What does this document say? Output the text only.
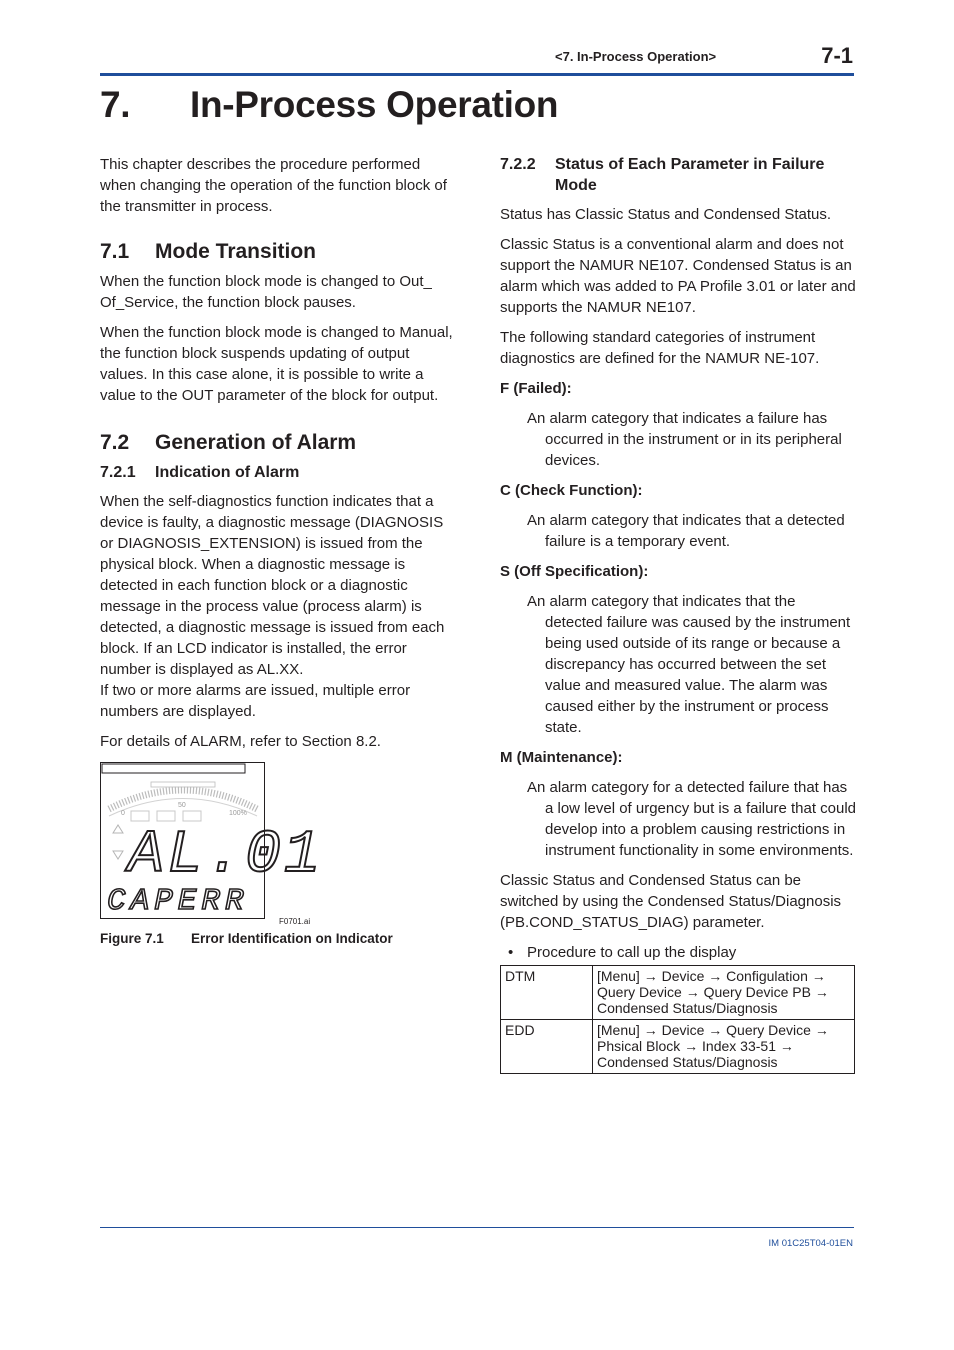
<7. In-Process Operation>	7-1
7. In-Process Operation

This chapter describes the procedure performed when changing the operation of the function block of the transmitter in process.

7.1 Mode Transition

When the function block mode is changed to Out_ Of_Service, the function block pauses.

When the function block mode is changed to Manual, the function block suspends updating of output values. In this case alone, it is possible to write a value to the OUT parameter of the block for output.

7.2 Generation of Alarm
7.2.1	Indication of Alarm

When the self-diagnostics function indicates that a device is faulty, a diagnostic message (DIAGNOSIS or DIAGNOSIS_EXTENSION) is issued from the physical block. When a diagnostic message is detected in each function block or a diagnostic message in the process value (process alarm) is detected, a diagnostic message is issued from each block. If an LCD indicator is installed, the error number is displayed as AL.XX.

If two or more alarms are issued, multiple error numbers are displayed.

For details of ALARM, refer to Section 8.2.

0
50
100%
AL.01
CAPERR
F0701.ai
Figure 7.1 Error Identification on Indicator
7.2.2	Status of Each Parameter in Failure Mode

Status has Classic Status and Condensed Status.

Classic Status is a conventional alarm and does not support the NAMUR NE107. Condensed Status is an alarm which was added to PA Profile 3.01 or later and supports the NAMUR NE107.

The following standard categories of instrument diagnostics are defined for the NAMUR NE-107.

F (Failed):

An alarm category that indicates a failure has occurred in the instrument or in its peripheral devices.

C (Check Function):

An alarm category that indicates that a detected failure is a temporary event.

S (Off Specification):

An alarm category that indicates that the detected failure was caused by the instrument being used outside of its range or because a discrepancy has occurred between the set value and measured value. The alarm was caused either by the instrument or process state.

M (Maintenance):

An alarm category for a detected failure that has a low level of urgency but is a failure that could develop into a problem causing restrictions in instrument functionality in some environments.

Classic Status and Condensed Status can be switched by using the Condensed Status/Diagnosis (PB.COND_STATUS_DIAG) parameter.

• Procedure to call up the display
DTM	[Menu] → Device → Configulation → Query Device → Query Device PB → Condensed Status/Diagnosis
EDD	[Menu] → Device → Query Device → Phsical Block → Index 33-51 → Condensed Status/Diagnosis
IM 01C25T04-01EN
